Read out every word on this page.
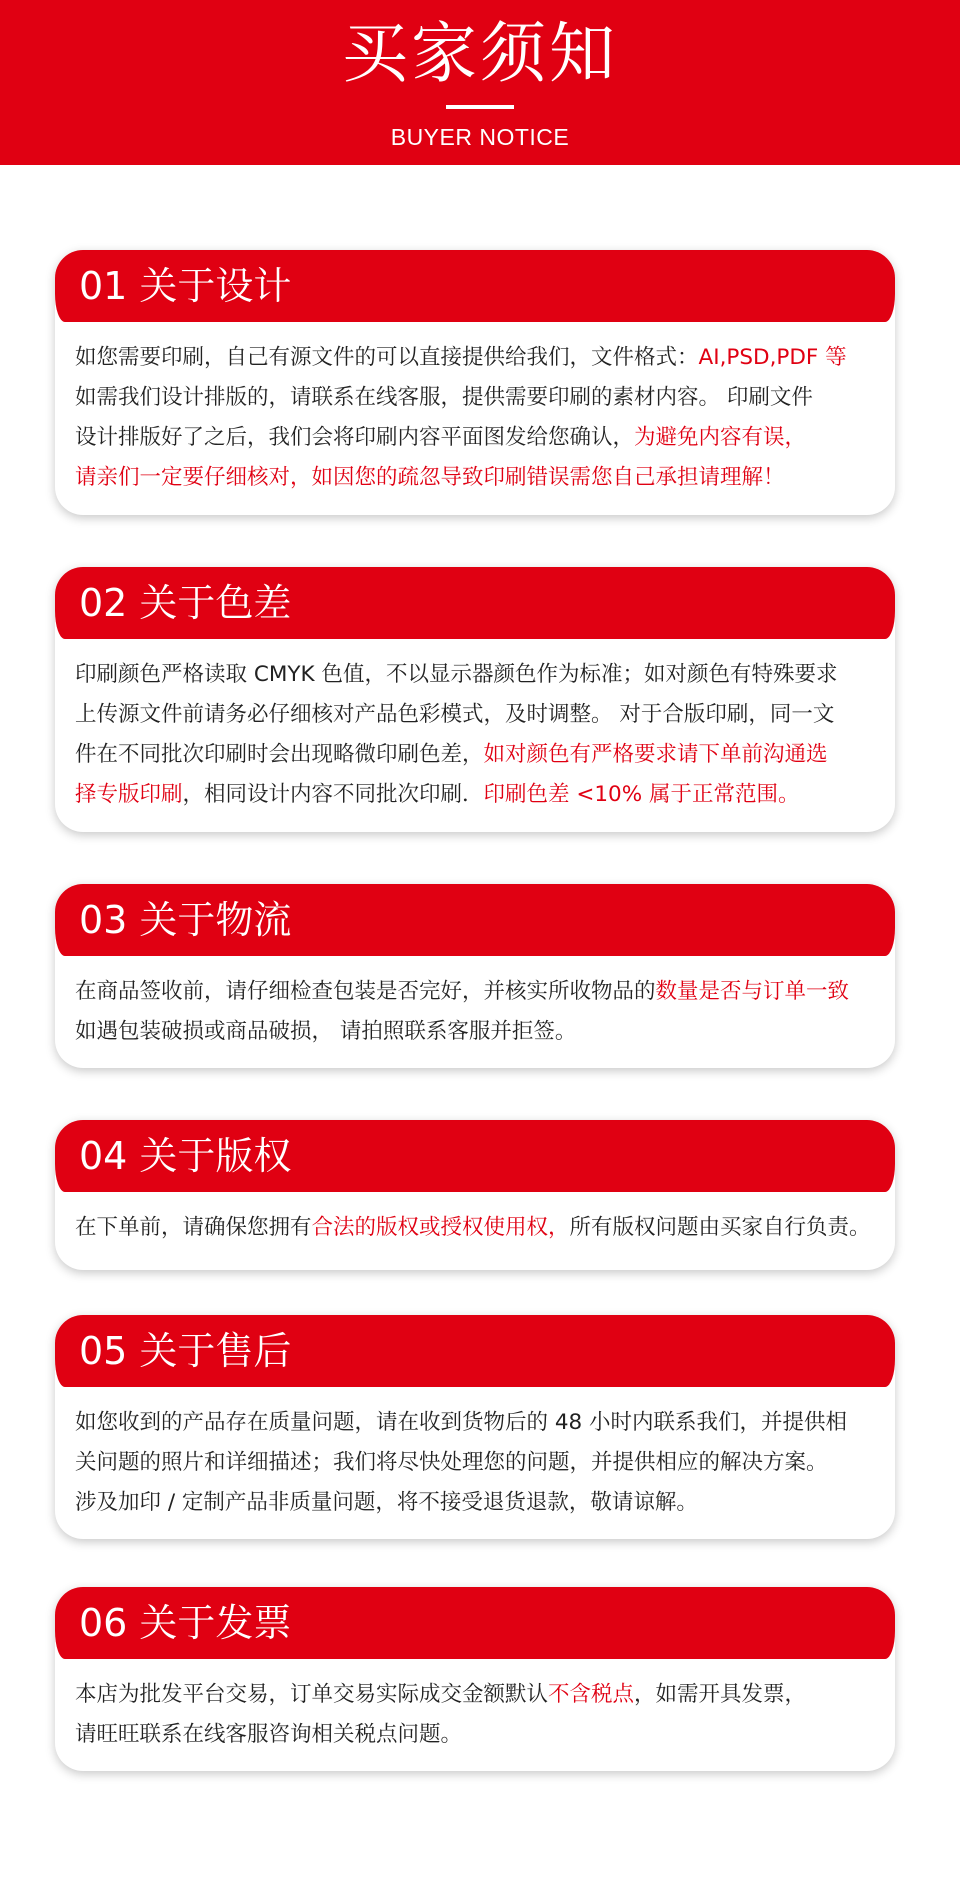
买家须知
BUYER NOTICE
01 关于设计
如您需要印刷，自己有源文件的可以直接提供给我们，文件格式：AI,PSD,PDF 等
如需我们设计排版的，请联系在线客服，提供需要印刷的素材内容。 印刷文件
设计排版好了之后，我们会将印刷内容平面图发给您确认，为避免内容有误，
请亲们一定要仔细核对，如因您的疏忽导致印刷错误需您自己承担请理解！
02 关于色差
印刷颜色严格读取 CMYK 色值，不以显示器颜色作为标准；如对颜色有特殊要求
上传源文件前请务必仔细核对产品色彩模式，及时调整。 对于合版印刷，同一文
件在不同批次印刷时会出现略微印刷色差，如对颜色有严格要求请下单前沟通选
择专版印刷，相同设计内容不同批次印刷．印刷色差 <10% 属于正常范围。
03 关于物流
在商品签收前，请仔细检查包装是否完好，并核实所收物品的数量是否与订单一致
如遇包装破损或商品破损， 请拍照联系客服并拒签。
04 关于版权
在下单前，请确保您拥有合法的版权或授权使用权，所有版权问题由买家自行负责。
05 关于售后
如您收到的产品存在质量问题，请在收到货物后的 48 小时内联系我们，并提供相
关问题的照片和详细描述；我们将尽快处理您的问题，并提供相应的解决方案。
涉及加印 / 定制产品非质量问题，将不接受退货退款，敬请谅解。
06 关于发票
本店为批发平台交易，订单交易实际成交金额默认不含税点，如需开具发票，
请旺旺联系在线客服咨询相关税点问题。
